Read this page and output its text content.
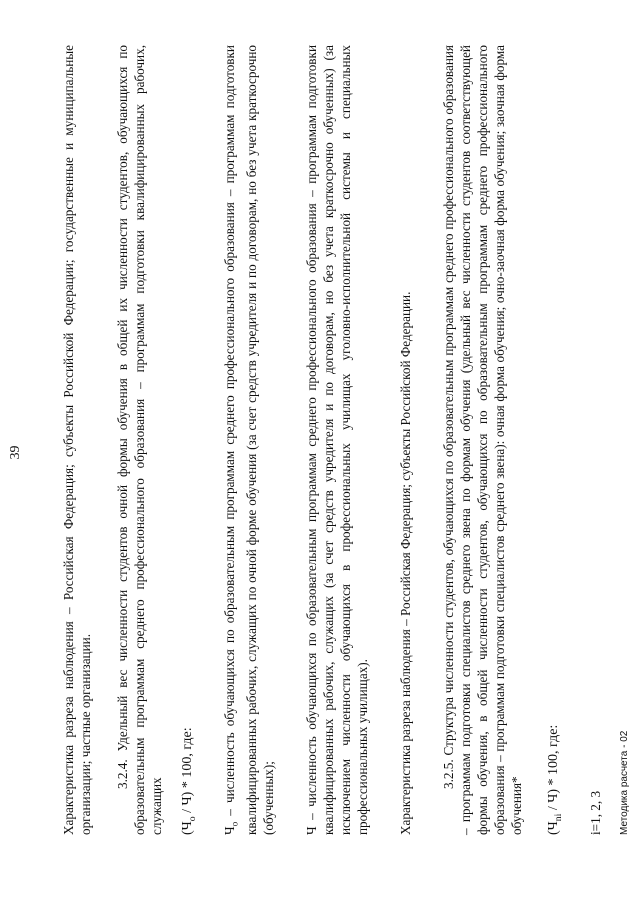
39	Характеристика разреза наблюдения – Российская Федерация; субъекты Российской Федерации; государственные и муниципальные организации; частные организации. 3.2.4. Удельный вес численности студентов очной формы обучения в общей их численности студентов, обучающихся по образовательным программам среднего профессионального образования – программам подготовки квалифицированных рабочих, служащих $(Ч_о / Ч) * 100$, где:

$Ч_о$ – численность обучающихся по образовательным программам среднего профессионального образования – программам подготовки квалифицированных рабочих, служащих по очной форме обучения (за счет средств учредителя и по договорам, но без учета краткосрочно (обученных); Ч – численность обучающихся по образовательным программам среднего профессионального образования – программам подготовки квалифицированных рабочих, служащих (за счет средств учредителя и по договорам, но без учета краткосрочно обученных) (за исключением численности обучающихся в профессиональных училищах уголовно-исполнительной системы и специальных профессиональных училищах). Характеристика разреза наблюдения – Российская Федерация; субъекты Российской Федерации. 3.2.5. Структура численности студентов, обучающихся по образовательным программам среднего профессионального образования – программам подготовки специалистов среднего звена по формам обучения (удельный вес численности студентов соответствующей формы обучения, в общей численности студентов, обучающихся по образовательным программам среднего профессионального образования – программам подготовки специалистов среднего звена): очная форма обучения; очно-заочная форма обучения; заочная форма обучения* $(Ч_{ni} / Ч) * 100$, где:	i=1, 2, 3 Методика расчета - 02
